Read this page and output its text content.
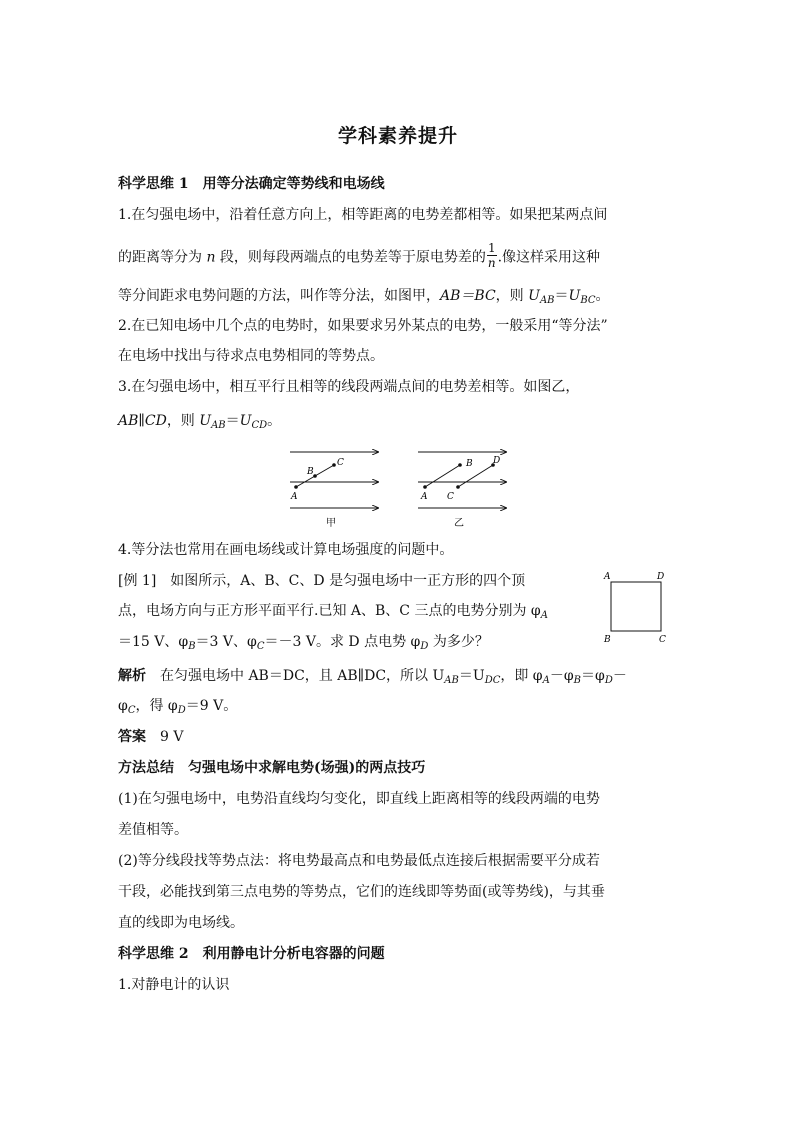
学科素养提升
科学思维 1　用等分法确定等势线和电场线
1.在匀强电场中，沿着任意方向上，相等距离的电势差都相等。如果把某两点间
的距离等分为 n 段，则每段两端点的电势差等于原电势差的 $\frac{1}{n}$ .像这样采用这种
等分间距求电势问题的方法，叫作等分法，如图甲，AB＝BC，则 $U_{AB}=U_{BC}$。
2.在已知电场中几个点的电势时，如果要求另外某点的电势，一般采用“等分法”
在电场中找出与待求点电势相同的等势点。
3.在匀强电场中，相互平行且相等的线段两端点间的电势差相等。如图乙，
AB∥CD，则 $U_{AB}=U_{CD}$。
A
B
C
甲
A
B
C
D
乙
4.等分法也常用在画电场线或计算电场强度的问题中。
[例 1]　如图所示，A、B、C、D 是匀强电场中一正方形的四个顶
点，电场方向与正方形平面平行.已知 A、B、C 三点的电势分别为 $\varphi_A$
＝15 V、$\varphi_B=3$ V、$\varphi_C=-3$ V。求 D 点电势 $\varphi_D$ 为多少？
A	D
B	C
解析　在匀强电场中 AB＝DC，且 AB∥DC，所以 $U_{AB}=U_{DC}$，即 $\varphi_A-\varphi_B=\varphi_D-$
$\varphi_C$，得 $\varphi_D=9$ V。
答案　9 V
方法总结　匀强电场中求解电势(场强)的两点技巧
(1)在匀强电场中，电势沿直线均匀变化，即直线上距离相等的线段两端的电势
差值相等。
(2)等分线段找等势点法：将电势最高点和电势最低点连接后根据需要平分成若
干段，必能找到第三点电势的等势点，它们的连线即等势面(或等势线)，与其垂
直的线即为电场线。
科学思维 2　利用静电计分析电容器的问题
1.对静电计的认识
